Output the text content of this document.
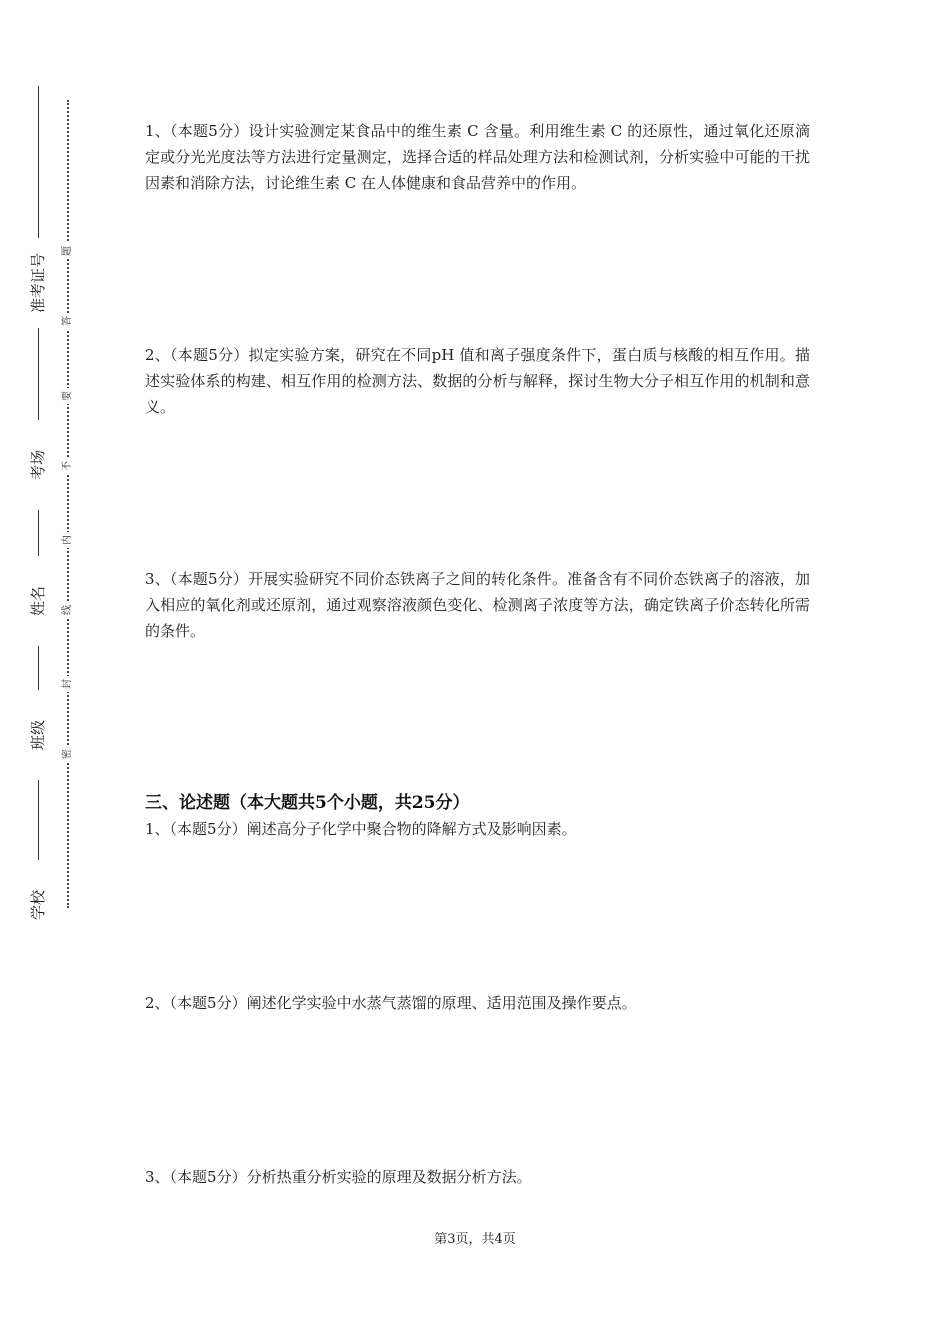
准考证号
考场
姓名
班级
学校
题
答
要
不
内
线
封
密
1、（本题5分）设计实验测定某食品中的维生素 C 含量。利用维生素 C 的还原性，通过氧化还原滴定或分光光度法等方法进行定量测定，选择合适的样品处理方法和检测试剂，分析实验中可能的干扰因素和消除方法，讨论维生素 C 在人体健康和食品营养中的作用。
2、（本题5分）拟定实验方案，研究在不同pH 值和离子强度条件下，蛋白质与核酸的相互作用。描述实验体系的构建、相互作用的检测方法、数据的分析与解释，探讨生物大分子相互作用的机制和意义。
3、（本题5分）开展实验研究不同价态铁离子之间的转化条件。准备含有不同价态铁离子的溶液，加入相应的氧化剂或还原剂，通过观察溶液颜色变化、检测离子浓度等方法，确定铁离子价态转化所需的条件。
三、论述题（本大题共5个小题，共25分）
1、（本题5分）阐述高分子化学中聚合物的降解方式及影响因素。
2、（本题5分）阐述化学实验中水蒸气蒸馏的原理、适用范围及操作要点。
3、（本题5分）分析热重分析实验的原理及数据分析方法。
第3页，共4页
